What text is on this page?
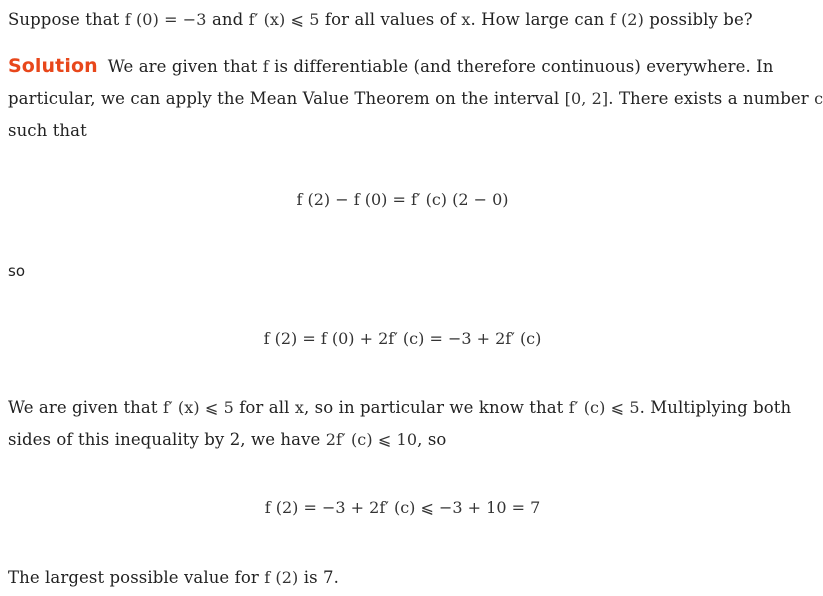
Suppose that f (0) = −3 and f′ (x) ⩽ 5 for all values of x. How large can f (2) possibly be?
Solution We are given that f is differentiable (and therefore continuous) everywhere. In
particular, we can apply the Mean Value Theorem on the interval [0, 2]. There exists a number c
such that
f (2) − f (0) = f′ (c) (2 − 0)
so
f (2) = f (0) + 2f′ (c) = −3 + 2f′ (c)
We are given that f′ (x) ⩽ 5 for all x, so in particular we know that f′ (c) ⩽ 5. Multiplying both
sides of this inequality by 2, we have 2f′ (c) ⩽ 10, so
f (2) = −3 + 2f′ (c) ⩽ −3 + 10 = 7
The largest possible value for f (2) is 7.
